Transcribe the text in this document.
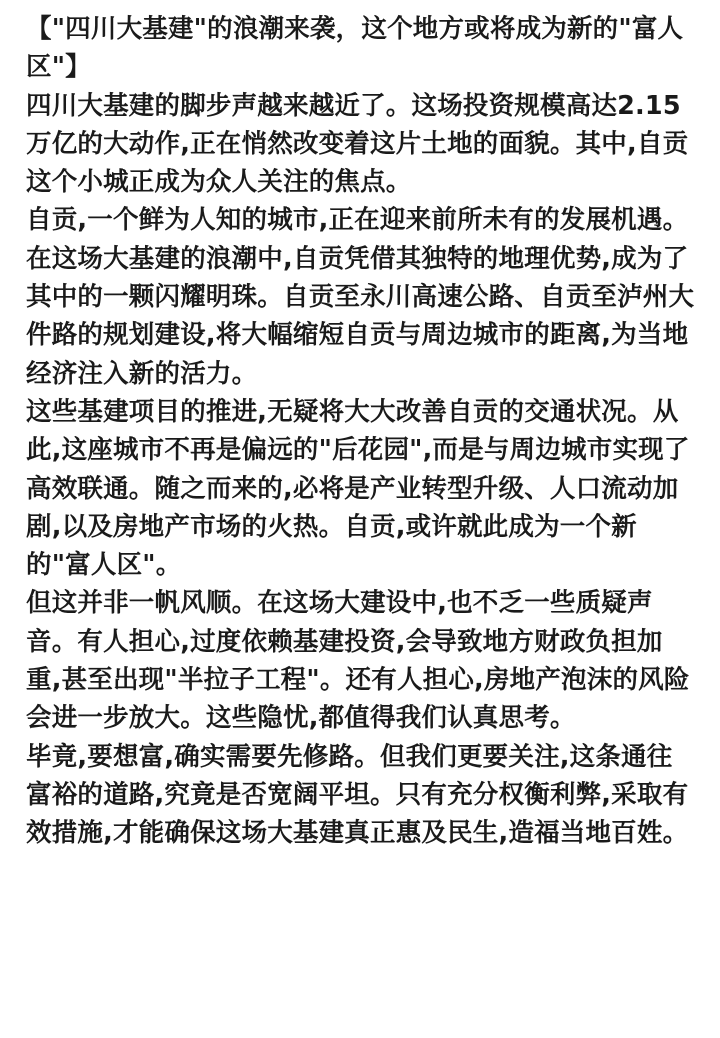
【"四川大基建"的浪潮来袭，这个地方或将成为新的"富人区"】

四川大基建的脚步声越来越近了。这场投资规模高达2.15万亿的大动作,正在悄然改变着这片土地的面貌。其中,自贡这个小城正成为众人关注的焦点。

自贡,一个鲜为人知的城市,正在迎来前所未有的发展机遇。在这场大基建的浪潮中,自贡凭借其独特的地理优势,成为了其中的一颗闪耀明珠。自贡至永川高速公路、自贡至泸州大件路的规划建设,将大幅缩短自贡与周边城市的距离,为当地经济注入新的活力。

这些基建项目的推进,无疑将大大改善自贡的交通状况。从此,这座城市不再是偏远的"后花园",而是与周边城市实现了高效联通。随之而来的,必将是产业转型升级、人口流动加剧,以及房地产市场的火热。自贡,或许就此成为一个新的"富人区"。

但这并非一帆风顺。在这场大建设中,也不乏一些质疑声音。有人担心,过度依赖基建投资,会导致地方财政负担加重,甚至出现"半拉子工程"。还有人担心,房地产泡沫的风险会进一步放大。这些隐忧,都值得我们认真思考。

毕竟,要想富,确实需要先修路。但我们更要关注,这条通往富裕的道路,究竟是否宽阔平坦。只有充分权衡利弊,采取有效措施,才能确保这场大基建真正惠及民生,造福当地百姓。
